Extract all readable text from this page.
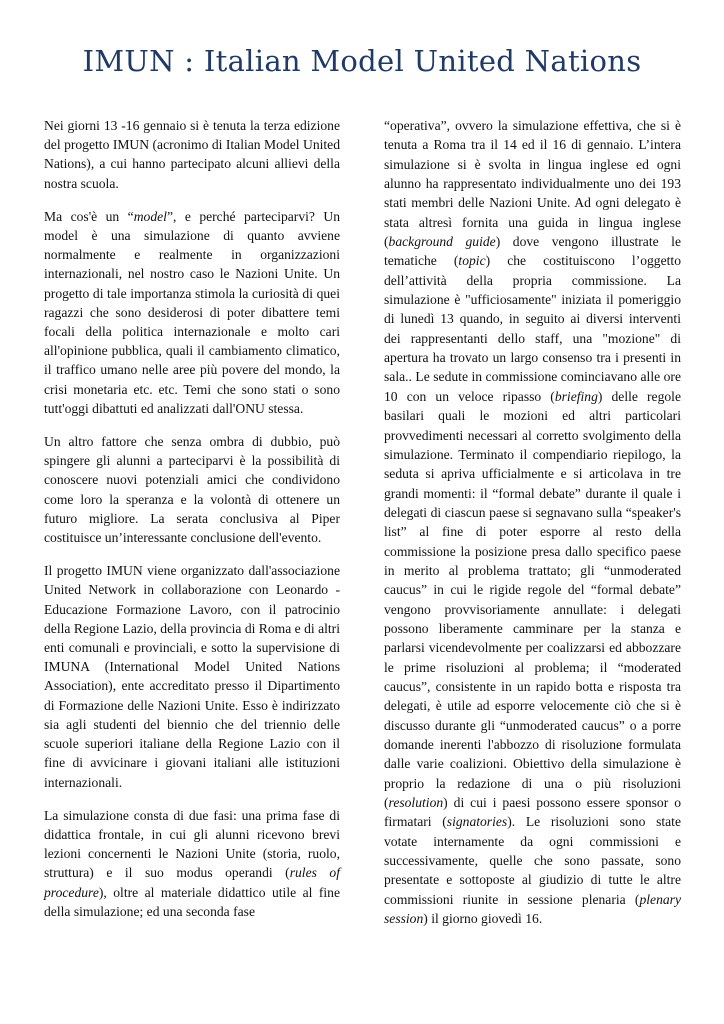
IMUN : Italian Model United Nations

Nei giorni 13 -16 gennaio si è tenuta la terza edizione del progetto IMUN (acronimo di Italian Model United Nations), a cui hanno partecipato alcuni allievi della nostra scuola.

Ma cos'è un “model”, e perché parteciparvi? Un model è una simulazione di quanto avviene normalmente e realmente in organizzazioni internazionali, nel nostro caso le Nazioni Unite. Un progetto di tale importanza stimola la curiosità di quei ragazzi che sono desiderosi di poter dibattere temi focali della politica internazionale e molto cari all'opinione pubblica, quali il cambiamento climatico, il traffico umano nelle aree più povere del mondo, la crisi monetaria etc. etc. Temi che sono stati o sono tutt'oggi dibattuti ed analizzati dall'ONU stessa.

Un altro fattore che senza ombra di dubbio, può spingere gli alunni a parteciparvi è la possibilità di conoscere nuovi potenziali amici che condividono come loro la speranza e la volontà di ottenere un futuro migliore. La serata conclusiva al Piper costituisce un’interessante conclusione dell'evento.

Il progetto IMUN viene organizzato dall'associazione United Network in collaborazione con Leonardo - Educazione Formazione Lavoro, con il patrocinio della Regione Lazio, della provincia di Roma e di altri enti comunali e provinciali, e sotto la supervisione di IMUNA (International Model United Nations Association), ente accreditato presso il Dipartimento di Formazione delle Nazioni Unite. Esso è indirizzato sia agli studenti del biennio che del triennio delle scuole superiori italiane della Regione Lazio con il fine di avvicinare i giovani italiani alle istituzioni internazionali.

La simulazione consta di due fasi: una prima fase di didattica frontale, in cui gli alunni ricevono brevi lezioni concernenti le Nazioni Unite (storia, ruolo, struttura) e il suo modus operandi (rules of procedure), oltre al materiale didattico utile al fine della simulazione; ed una seconda fase

“operativa”, ovvero la simulazione effettiva, che si è tenuta a Roma tra il 14 ed il 16 di gennaio. L’intera simulazione si è svolta in lingua inglese ed ogni alunno ha rappresentato individualmente uno dei 193 stati membri delle Nazioni Unite. Ad ogni delegato è stata altresì fornita una guida in lingua inglese (background guide) dove vengono illustrate le tematiche (topic) che costituiscono l’oggetto dell’attività della propria commissione. La simulazione è "ufficiosamente" iniziata il pomeriggio di lunedì 13 quando, in seguito ai diversi interventi dei rappresentanti dello staff, una "mozione" di apertura ha trovato un largo consenso tra i presenti in sala.. Le sedute in commissione cominciavano alle ore 10 con un veloce ripasso (briefing) delle regole basilari quali le mozioni ed altri particolari provvedimenti necessari al corretto svolgimento della simulazione. Terminato il compendiario riepilogo, la seduta si apriva ufficialmente e si articolava in tre grandi momenti: il “formal debate” durante il quale i delegati di ciascun paese si segnavano sulla “speaker's list” al fine di poter esporre al resto della commissione la posizione presa dallo specifico paese in merito al problema trattato; gli “unmoderated caucus” in cui le rigide regole del “formal debate” vengono provvisoriamente annullate: i delegati possono liberamente camminare per la stanza e parlarsi vicendevolmente per coalizzarsi ed abbozzare le prime risoluzioni al problema; il “moderated caucus”, consistente in un rapido botta e risposta tra delegati, è utile ad esporre velocemente ciò che si è discusso durante gli “unmoderated caucus” o a porre domande inerenti l'abbozzo di risoluzione formulata dalle varie coalizioni. Obiettivo della simulazione è proprio la redazione di una o più risoluzioni (resolution) di cui i paesi possono essere sponsor o firmatari (signatories). Le risoluzioni sono state votate internamente da ogni commissioni e successivamente, quelle che sono passate, sono presentate e sottoposte al giudizio di tutte le altre commissioni riunite in sessione plenaria (plenary session) il giorno giovedì 16.
